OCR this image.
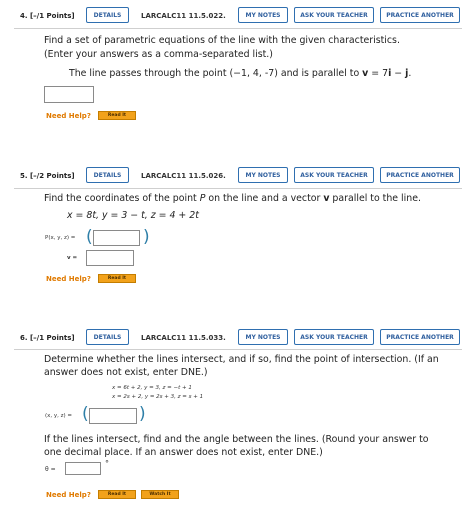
4. [–/1 Points]	DETAILS	LARCALC11 11.5.022.	MY NOTES	ASK YOUR TEACHER	PRACTICE ANOTHER
Find a set of parametric equations of the line with the given characteristics.
(Enter your answers as a comma-separated list.)
The line passes through the point (−1, 4, -7) and is parallel to v = 7i − j.
Need Help?	Read It
5. [–/2 Points]	DETAILS	LARCALC11 11.5.026.	MY NOTES	ASK YOUR TEACHER	PRACTICE ANOTHER
Find the coordinates of the point P on the line and a vector v parallel to the line.
x = 8t, y = 3 − t, z = 4 + 2t
P(x, y, z) = (	)
v =
Need Help?	Read It
6. [–/1 Points]	DETAILS	LARCALC11 11.5.033.	MY NOTES	ASK YOUR TEACHER	PRACTICE ANOTHER
Determine whether the lines intersect, and if so, find the point of intersection. (If an
answer does not exist, enter DNE.)
x = 6t + 2, y = 3, z = −t + 1
x = 2s + 2, y = 2s + 3, z = s + 1
(x, y, z) = (	)
If the lines intersect, find and the angle between the lines. (Round your answer to
one decimal place. If an answer does not exist, enter DNE.)
θ =
°
Need Help?	Read It	Watch It
